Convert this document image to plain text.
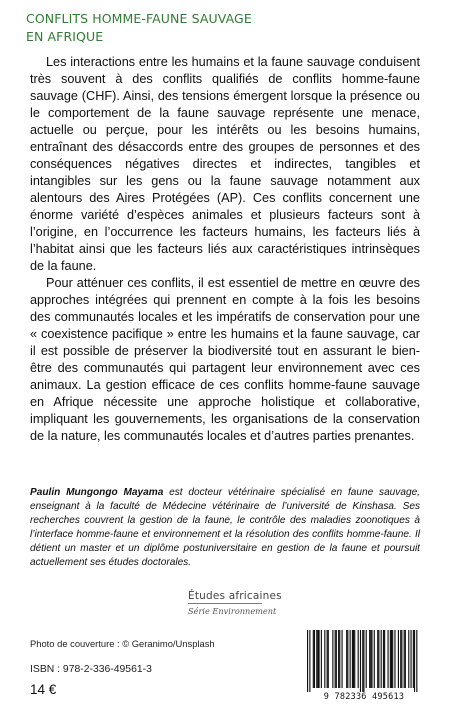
CONFLITS HOMME-FAUNE SAUVAGE
EN AFRIQUE

Les interactions entre les humains et la faune sauvage conduisent très souvent à des conflits qualifiés de conflits homme-faune sauvage (CHF). Ainsi, des tensions émergent lorsque la présence ou le comportement de la faune sauvage représente une menace, actuelle ou perçue, pour les intérêts ou les besoins humains, entraînant des désaccords entre des groupes de personnes et des conséquences négatives directes et indirectes, tangibles et intangibles sur les gens ou la faune sauvage notamment aux alentours des Aires Protégées (AP). Ces conflits concernent une énorme variété d’espèces animales et plusieurs facteurs sont à l’origine, en l’occurrence les facteurs humains, les facteurs liés à l’habitat ainsi que les facteurs liés aux caractéristiques intrinsèques de la faune.

Pour atténuer ces conflits, il est essentiel de mettre en œuvre des approches intégrées qui prennent en compte à la fois les besoins des communautés locales et les impératifs de conservation pour une « coexistence pacifique » entre les humains et la faune sauvage, car il est possible de préserver la biodiversité tout en assurant le bien-être des communautés qui partagent leur environnement avec ces animaux. La gestion efficace de ces conflits homme-faune sauvage en Afrique nécessite une approche holistique et collaborative, impliquant les gouvernements, les organisations de la conservation de la nature, les communautés locales et d’autres parties prenantes.

Paulin Mungongo Mayama est docteur vétérinaire spécialisé en faune sauvage, enseignant à la faculté de Médecine vétérinaire de l’université de Kinshasa. Ses recherches couvrent la gestion de la faune, le contrôle des maladies zoonotiques à l’interface homme-faune et environnement et la résolution des conflits homme-faune. Il détient un master et un diplôme postuniversitaire en gestion de la faune et poursuit actuellement ses études doctorales.
Études africaines
Série Environnement
Photo de couverture : © Geranimo/Unsplash
ISBN : 978-2-336-49561-3
14 €	9 782336 495613
